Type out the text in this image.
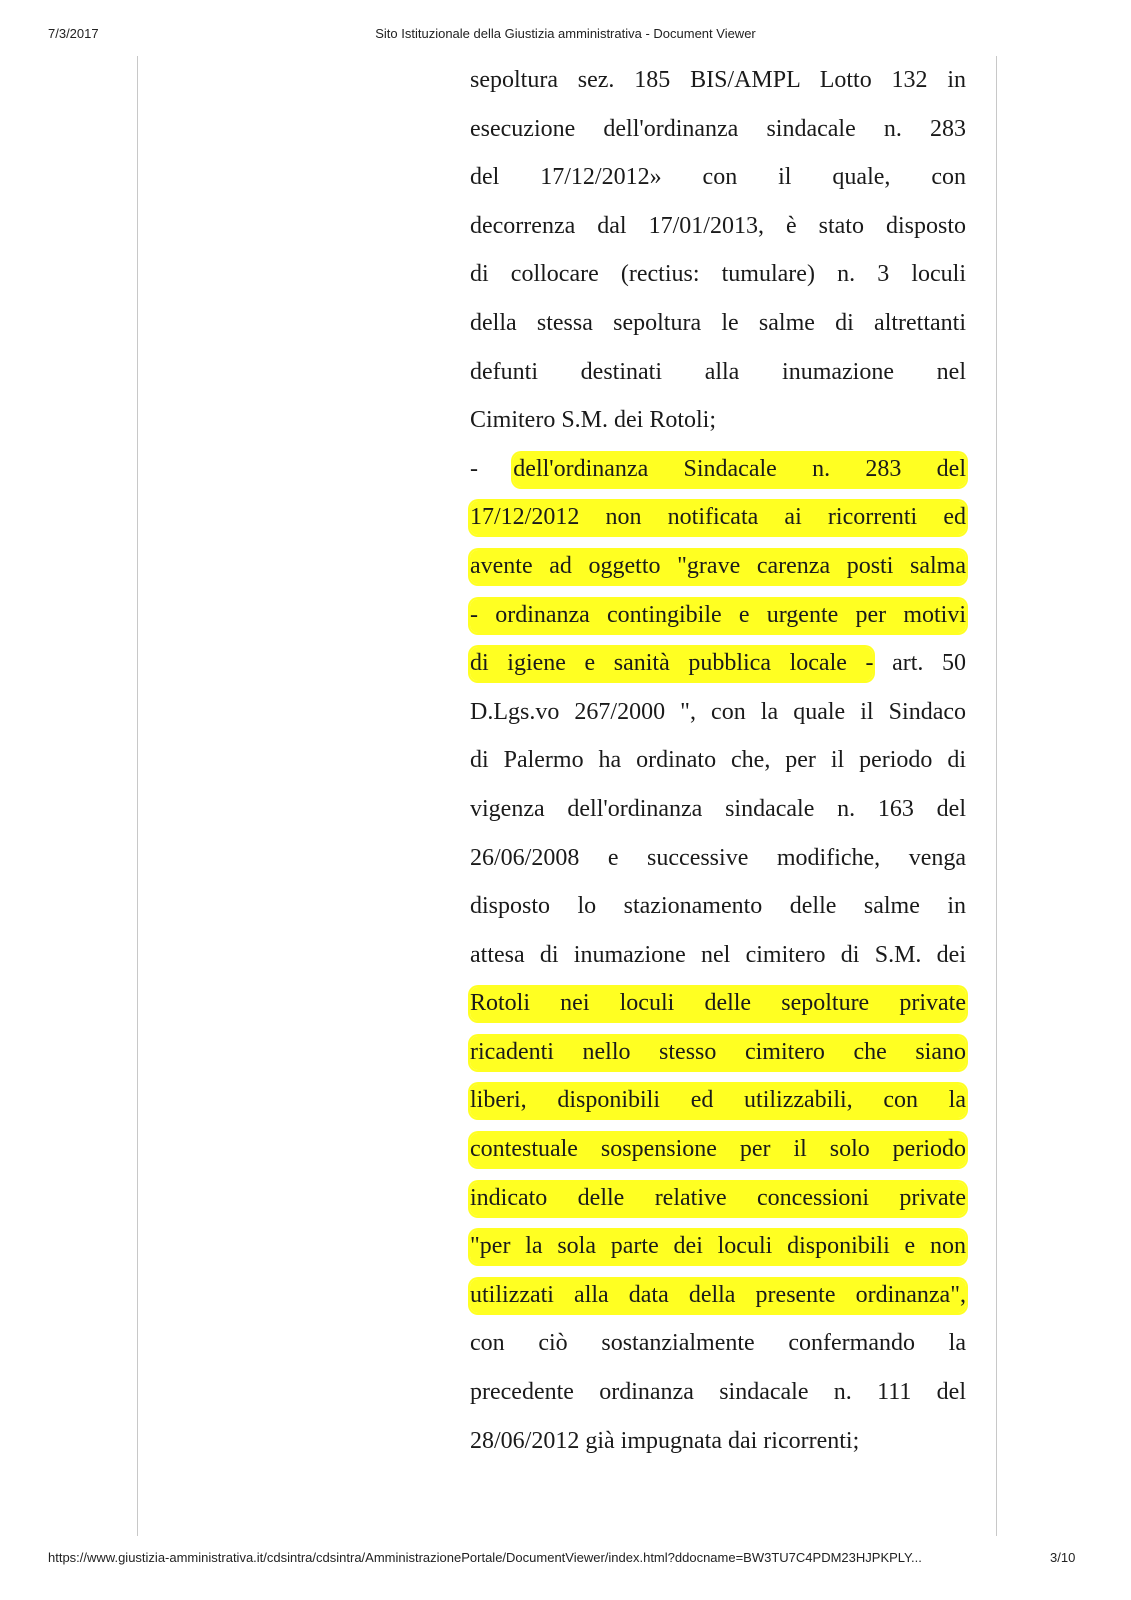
7/3/2017	Sito Istituzionale della Giustizia amministrativa - Document Viewer
sepoltura sez. 185 BIS/AMPL Lotto 132 in
esecuzione dell'ordinanza sindacale n. 283
del 17/12/2012» con il quale, con
decorrenza dal 17/01/2013, è stato disposto
di collocare (rectius: tumulare) n. 3 loculi
della stessa sepoltura le salme di altrettanti
defunti destinati alla inumazione nel
Cimitero S.M. dei Rotoli;
- dell'ordinanza Sindacale n. 283 del
17/12/2012 non notificata ai ricorrenti ed
avente ad oggetto "grave carenza posti salma
- ordinanza contingibile e urgente per motivi
di igiene e sanità pubblica locale - art. 50
D.Lgs.vo 267/2000 ", con la quale il Sindaco
di Palermo ha ordinato che, per il periodo di
vigenza dell'ordinanza sindacale n. 163 del
26/06/2008 e successive modifiche, venga
disposto lo stazionamento delle salme in
attesa di inumazione nel cimitero di S.M. dei
Rotoli nei loculi delle sepolture private
ricadenti nello stesso cimitero che siano
liberi, disponibili ed utilizzabili, con la
contestuale sospensione per il solo periodo
indicato delle relative concessioni private
"per la sola parte dei loculi disponibili e non
utilizzati alla data della presente ordinanza",
con ciò sostanzialmente confermando la
precedente ordinanza sindacale n. 111 del
28/06/2012 già impugnata dai ricorrenti;
https://www.giustizia-amministrativa.it/cdsintra/cdsintra/AmministrazionePortale/DocumentViewer/index.html?ddocname=BW3TU7C4PDM23HJPKPLY...	3/10
